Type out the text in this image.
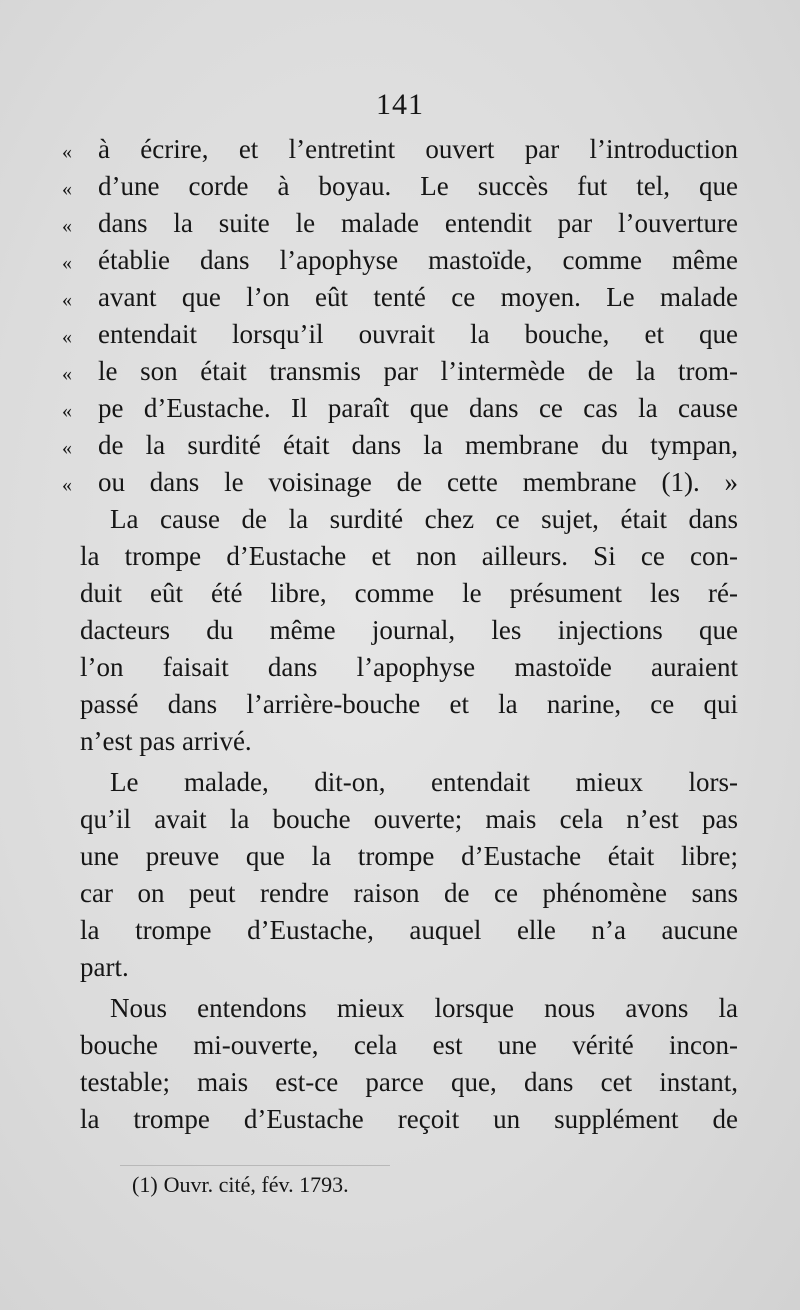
141
« à écrire, et l’entretint ouvert par l’introduction
« d’une corde à boyau. Le succès fut tel, que
« dans la suite le malade entendit par l’ouverture
« établie dans l’apophyse mastoïde, comme même
« avant que l’on eût tenté ce moyen. Le malade
« entendait lorsqu’il ouvrait la bouche, et que
« le son était transmis par l’intermède de la trom-
« pe d’Eustache. Il paraît que dans ce cas la cause
« de la surdité était dans la membrane du tympan,
« ou dans le voisinage de cette membrane (1). »
La cause de la surdité chez ce sujet, était dans
la trompe d’Eustache et non ailleurs. Si ce con-
duit eût été libre, comme le présument les ré-
dacteurs du même journal, les injections que
l’on faisait dans l’apophyse mastoïde auraient
passé dans l’arrière-bouche et la narine, ce qui
n’est pas arrivé.
Le malade, dit-on, entendait mieux lors-
qu’il avait la bouche ouverte; mais cela n’est pas
une preuve que la trompe d’Eustache était libre;
car on peut rendre raison de ce phénomène sans
la trompe d’Eustache, auquel elle n’a aucune
part.
Nous entendons mieux lorsque nous avons la
bouche mi-ouverte, cela est une vérité incon-
testable; mais est-ce parce que, dans cet instant,
la trompe d’Eustache reçoit un supplément de
(1) Ouvr. cité, fév. 1793.
